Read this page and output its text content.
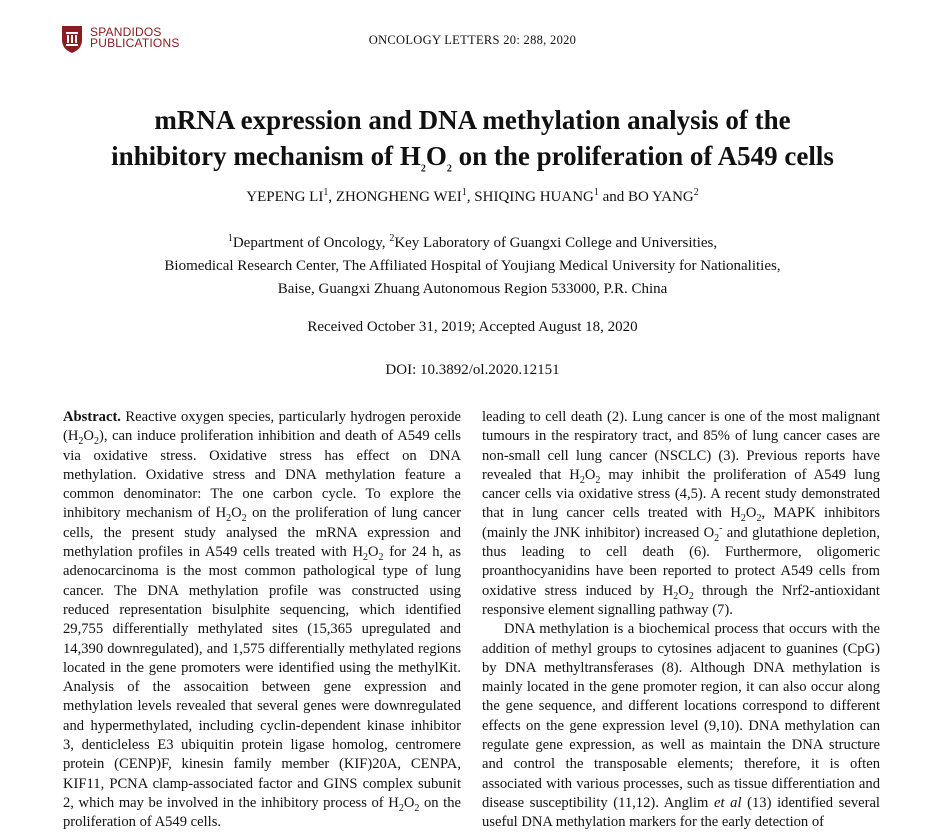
SPANDIDOS
PUBLICATIONS	ONCOLOGY LETTERS 20: 288, 2020
mRNA expression and DNA methylation analysis of the
inhibitory mechanism of $H_2O_2$ on the proliferation of A549 cells
YEPENG $LI^1$, ZHONGHENG WEI$^1$, SHIQING HUANG$^1$ and BO YANG$^2$
$^1$Department of Oncology, $^2$Key Laboratory of Guangxi College and Universities,
Biomedical Research Center, The Affiliated Hospital of Youjiang Medical University for Nationalities,
Baise, Guangxi Zhuang Autonomous Region 533000, P.R. China
Received October 31, 2019; Accepted August 18, 2020
DOI: 10.3892/ol.2020.12151

Abstract. Reactive oxygen species, particularly hydrogen peroxide $(H_2O_2)$, can induce proliferation inhibition and death of A549 cells via oxidative stress. Oxidative stress has effect on DNA methylation. Oxidative stress and DNA methylation feature a common denominator: The one carbon cycle. To explore the inhibitory mechanism of $H_2O_2$ on the proliferation of lung cancer cells, the present study analysed the mRNA expression and methylation profiles in A549 cells treated with $H_2O_2$ for 24 h, as adenocarcinoma is the most common pathological type of lung cancer. The DNA methylation profile was constructed using reduced representation bisulphite sequencing, which identified 29,755 differentially methylated sites (15,365 upregulated and 14,390 downregulated), and 1,575 differentially methylated regions located in the gene promoters were identified using the methylKit. Analysis of the assocaition between gene expression and methylation levels revealed that several genes were downregulated and hypermethylated, including cyclin-dependent kinase inhibitor 3, denticleless E3 ubiquitin protein ligase homolog, centromere protein (CENP)F, kinesin family member (KIF)20A, CENPA, KIF11, PCNA clamp-associated factor and GINS complex subunit 2, which may be involved in the inhibitory process of $H_2O_2$ on the proliferation of A549 cells.

leading to cell death (2). Lung cancer is one of the most malignant tumours in the respiratory tract, and 85% of lung cancer cases are non-small cell lung cancer (NSCLC) (3). Previous reports have revealed that $H_2O_2$ may inhibit the proliferation of A549 lung cancer cells via oxidative stress (4,5). A recent study demonstrated that in lung cancer cells treated with $H_2O_2$, MAPK inhibitors (mainly the JNK inhibitor) increased $O_2^-$ and glutathione depletion, thus leading to cell death (6). Furthermore, oligomeric proanthocyanidins have been reported to protect A549 cells from oxidative stress induced by $H_2O_2$ through the Nrf2-antioxidant responsive element signalling pathway (7).

DNA methylation is a biochemical process that occurs with the addition of methyl groups to cytosines adjacent to guanines (CpG) by DNA methyltransferases (8). Although DNA methylation is mainly located in the gene promoter region, it can also occur along the gene sequence, and different locations correspond to different effects on the gene expression level (9,10). DNA methylation can regulate gene expression, as well as maintain the DNA structure and control the transposable elements; therefore, it is often associated with various processes, such as tissue differentiation and disease susceptibility (11,12). Anglim et al (13) identified several useful DNA methylation markers for the early detection of
